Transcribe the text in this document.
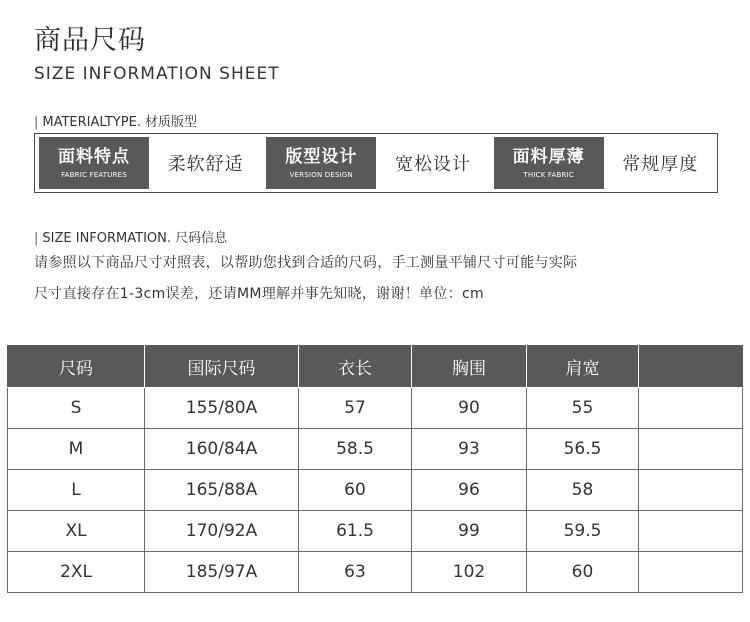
商品尺码
SIZE INFORMATION SHEET
| MATERIALTYPE. 材质版型
面料特点
FABRIC FEATURES	柔软舒适	版型设计
VERSION DESIGN	宽松设计	面料厚薄
THICK FABRIC	常规厚度
| SIZE INFORMATION. 尺码信息
请参照以下商品尺寸对照表，以帮助您找到合适的尺码，手工测量平铺尺寸可能与实际
尺寸直接存在1-3cm误差，还请MM理解并事先知晓，谢谢！单位：cm
尺码	国际尺码	衣长	胸围	肩宽	
S	155/80A	57	90	55	
M	160/84A	58.5	93	56.5	
L	165/88A	60	96	58	
XL	170/92A	61.5	99	59.5	
2XL	185/97A	63	102	60	
